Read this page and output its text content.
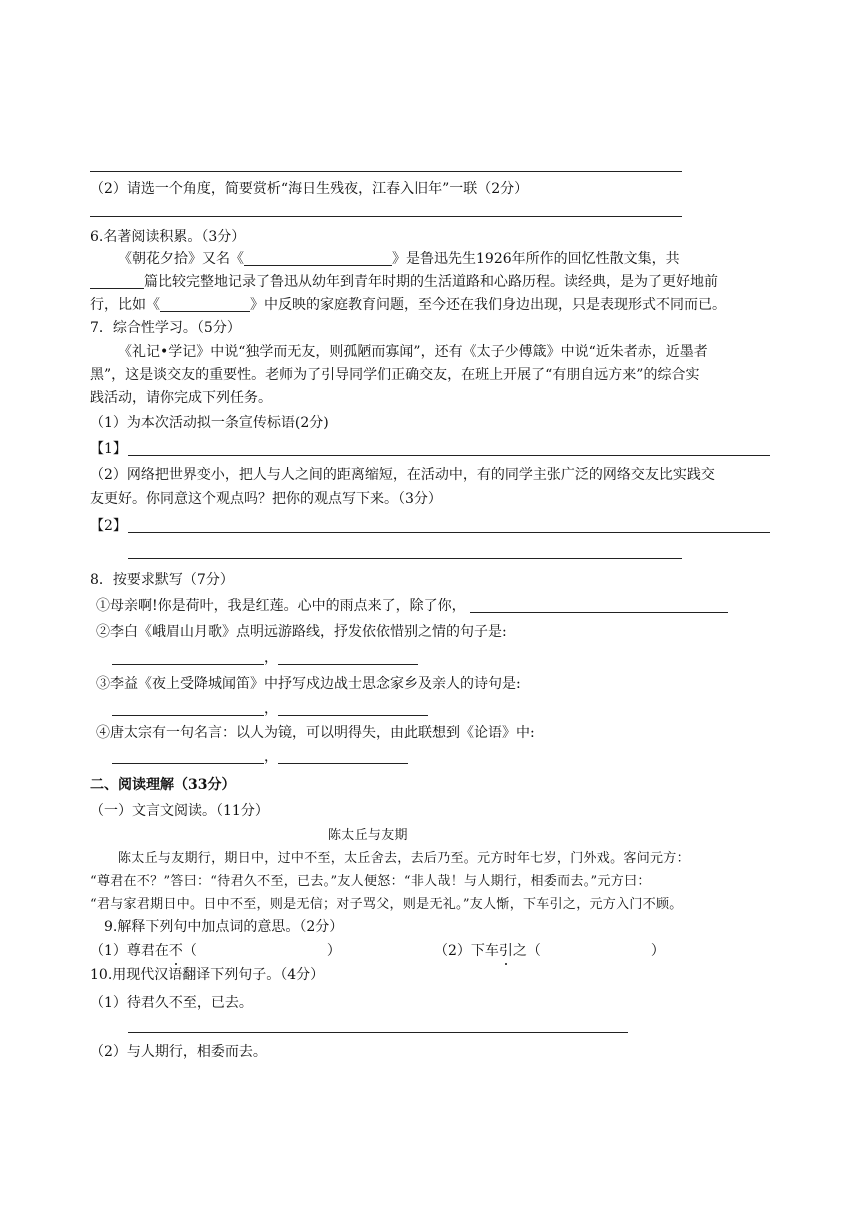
（2）请选一个角度，简要赏析“海日生残夜，江春入旧年”一联（2分）
6.名著阅读积累。（3分）
《朝花夕拾》又名《	》是鲁迅先生1926年所作的回忆性散文集，共
篇比较完整地记录了鲁迅从幼年到青年时期的生活道路和心路历程。读经典，是为了更好地前
行，比如《	》中反映的家庭教育问题，至今还在我们身边出现，只是表现形式不同而已。
7．综合性学习。（5分）
《礼记•学记》中说“独学而无友，则孤陋而寡闻”，还有《太子少傅箴》中说“近朱者赤，近墨者
黑”，这是谈交友的重要性。老师为了引导同学们正确交友，在班上开展了“有朋自远方来”的综合实
践活动，请你完成下列任务。
（1）为本次活动拟一条宣传标语(2分)
【1】
（2）网络把世界变小，把人与人之间的距离缩短，在活动中，有的同学主张广泛的网络交友比实践交
友更好。你同意这个观点吗？把你的观点写下来。（3分）
【2】
8．按要求默写（7分）
①母亲啊!你是荷叶，我是红莲。心中的雨点来了，除了你，
②李白《峨眉山月歌》点明远游路线，抒发依依惜别之情的句子是:
，
③李益《夜上受降城闻笛》中抒写戍边战士思念家乡及亲人的诗句是:
，
④唐太宗有一句名言：以人为镜，可以明得失，由此联想到《论语》中:
，
二、阅读理解（33分）
（一）文言文阅读。（11分）
陈太丘与友期
陈太丘与友期行，期日中，过中不至，太丘舍去，去后乃至。元方时年七岁，门外戏。客问元方：
“尊君在不？”答曰：“待君久不至，已去。”友人便怒：“非人哉！与人期行，相委而去。”元方曰：
“君与家君期日中。日中不至，则是无信；对子骂父，则是无礼。”友人惭，下车引之，元方入门不顾。
9.解释下列句中加点词的意思。（2分）
（1）尊君在不（	）	（2）下车引之（	）
10.用现代汉语翻译下列句子。（4分）
（1）待君久不至，已去。
（2）与人期行，相委而去。
